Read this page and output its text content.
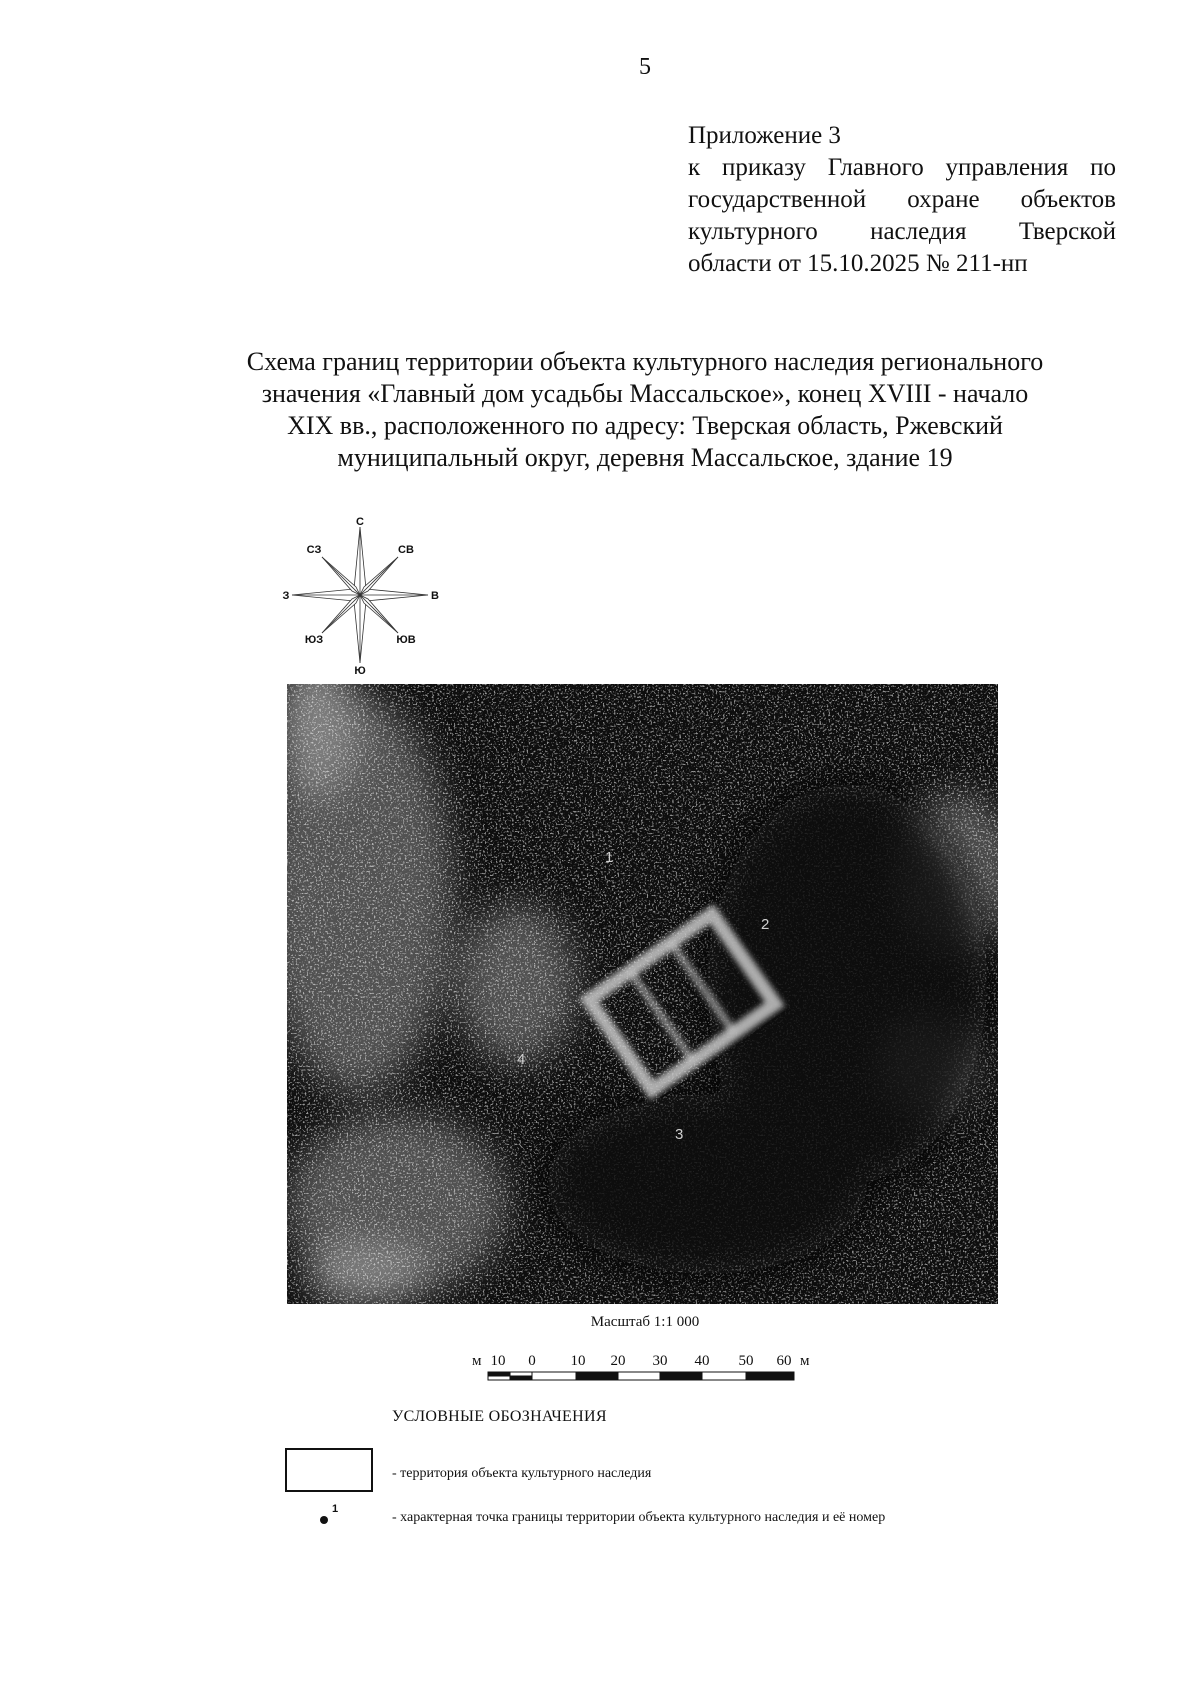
5
Приложение 3
к приказу Главного управления по
государственной охране объектов
культурного наследия Тверской
области от 15.10.2025 № 211-нп
Схема границ территории объекта культурного наследия регионального
значения «Главный дом усадьбы Массальское», конец XVIII - начало
XIX вв., расположенного по адресу: Тверская область, Ржевский
муниципальный округ, деревня Массальское, здание 19
С
СВ
В
ЮВ
Ю
ЮЗ
З
СЗ
1
2
3
4
Масштаб 1:1 000
м 10 0 10 20 30 40 50 60 м
УСЛОВНЫЕ ОБОЗНАЧЕНИЯ
- территория объекта культурного наследия
1
- характерная точка границы территории объекта культурного наследия и её номер
